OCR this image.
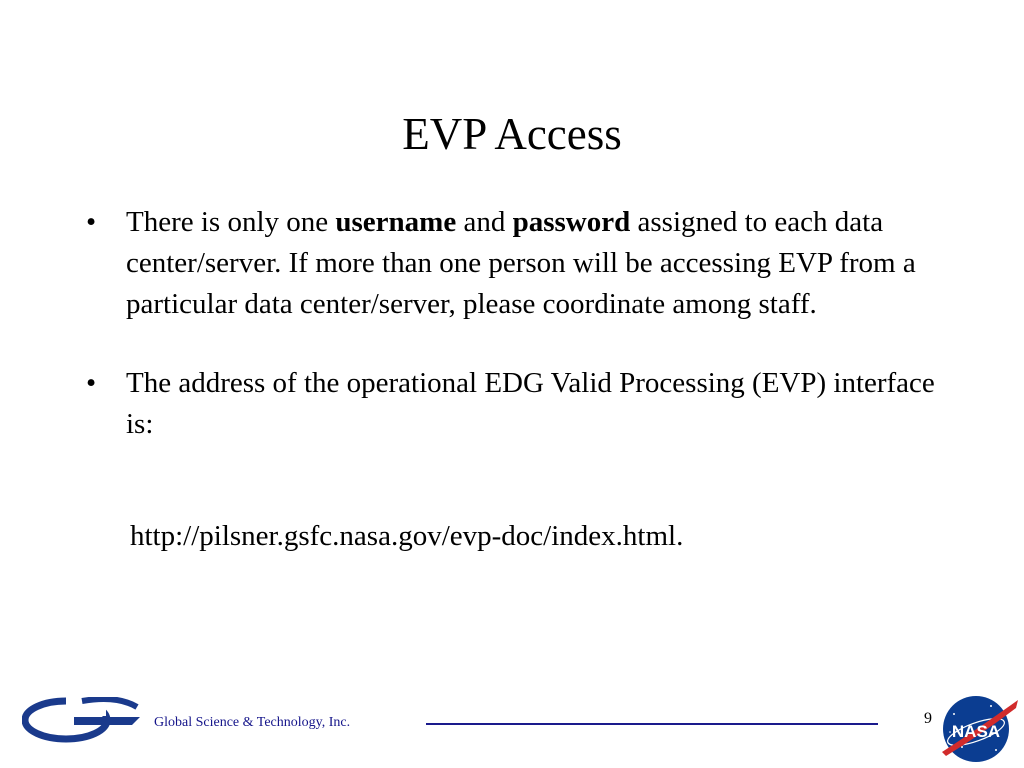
EVP Access
• There is only one username and password assigned to each data center/server. If more than one person will be accessing EVP from a particular data center/server, please coordinate among staff.
• The address of the operational EDG Valid Processing (EVP) interface is:
http://pilsner.gsfc.nasa.gov/evp-doc/index.html.
Global Science & Technology, Inc.	9
NASA
